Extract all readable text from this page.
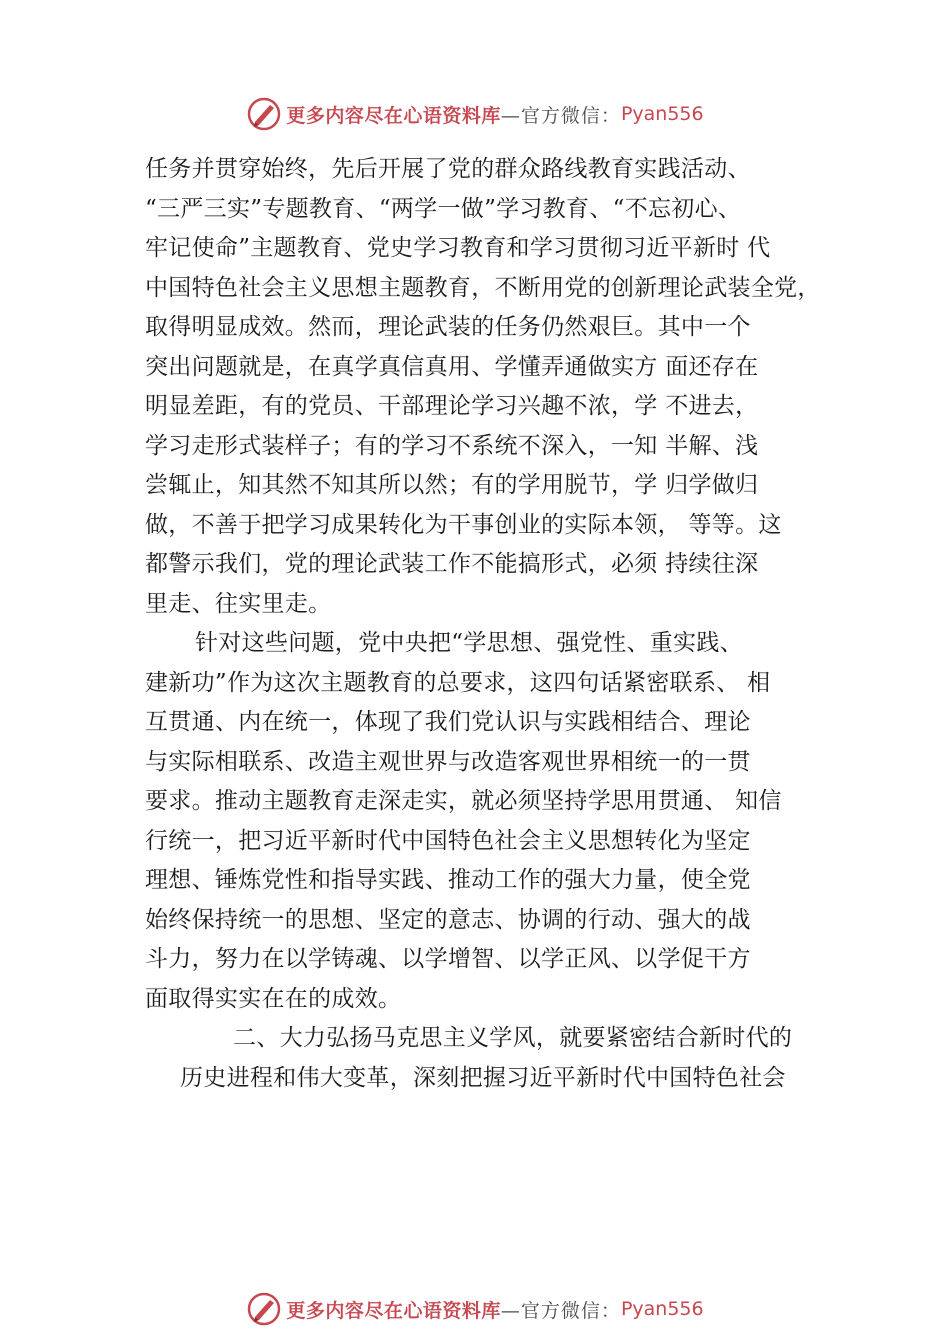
更多内容尽在心语资料库 —官方微信： Pyan556
任务并贯穿始终，先后开展了党的群众路线教育实践活动、
“三严三实”专题教育、“两学一做”学习教育、“不忘初心、
牢记使命”主题教育、党史学习教育和学习贯彻习近平新时 代
中国特色社会主义思想主题教育，不断用党的创新理论武装全党，
取得明显成效。然而，理论武装的任务仍然艰巨。其中一个
突出问题就是，在真学真信真用、学懂弄通做实方 面还存在
明显差距，有的党员、干部理论学习兴趣不浓，学 不进去，
学习走形式装样子；有的学习不系统不深入，一知 半解、浅
尝辄止，知其然不知其所以然；有的学用脱节，学 归学做归
做，不善于把学习成果转化为干事创业的实际本领， 等等。这
都警示我们，党的理论武装工作不能搞形式，必须 持续往深
里走、往实里走。
针对这些问题，党中央把“学思想、强党性、重实践、
建新功”作为这次主题教育的总要求，这四句话紧密联系、 相
互贯通、内在统一，体现了我们党认识与实践相结合、理论
与实际相联系、改造主观世界与改造客观世界相统一的一贯
要求。推动主题教育走深走实，就必须坚持学思用贯通、 知信
行统一，把习近平新时代中国特色社会主义思想转化为坚定
理想、锤炼党性和指导实践、推动工作的强大力量，使全党
始终保持统一的思想、坚定的意志、协调的行动、强大的战
斗力，努力在以学铸魂、以学增智、以学正风、以学促干方
面取得实实在在的成效。
二、大力弘扬马克思主义学风，就要紧密结合新时代的
历史进程和伟大变革，深刻把握习近平新时代中国特色社会
更多内容尽在心语资料库 —官方微信： Pyan556
